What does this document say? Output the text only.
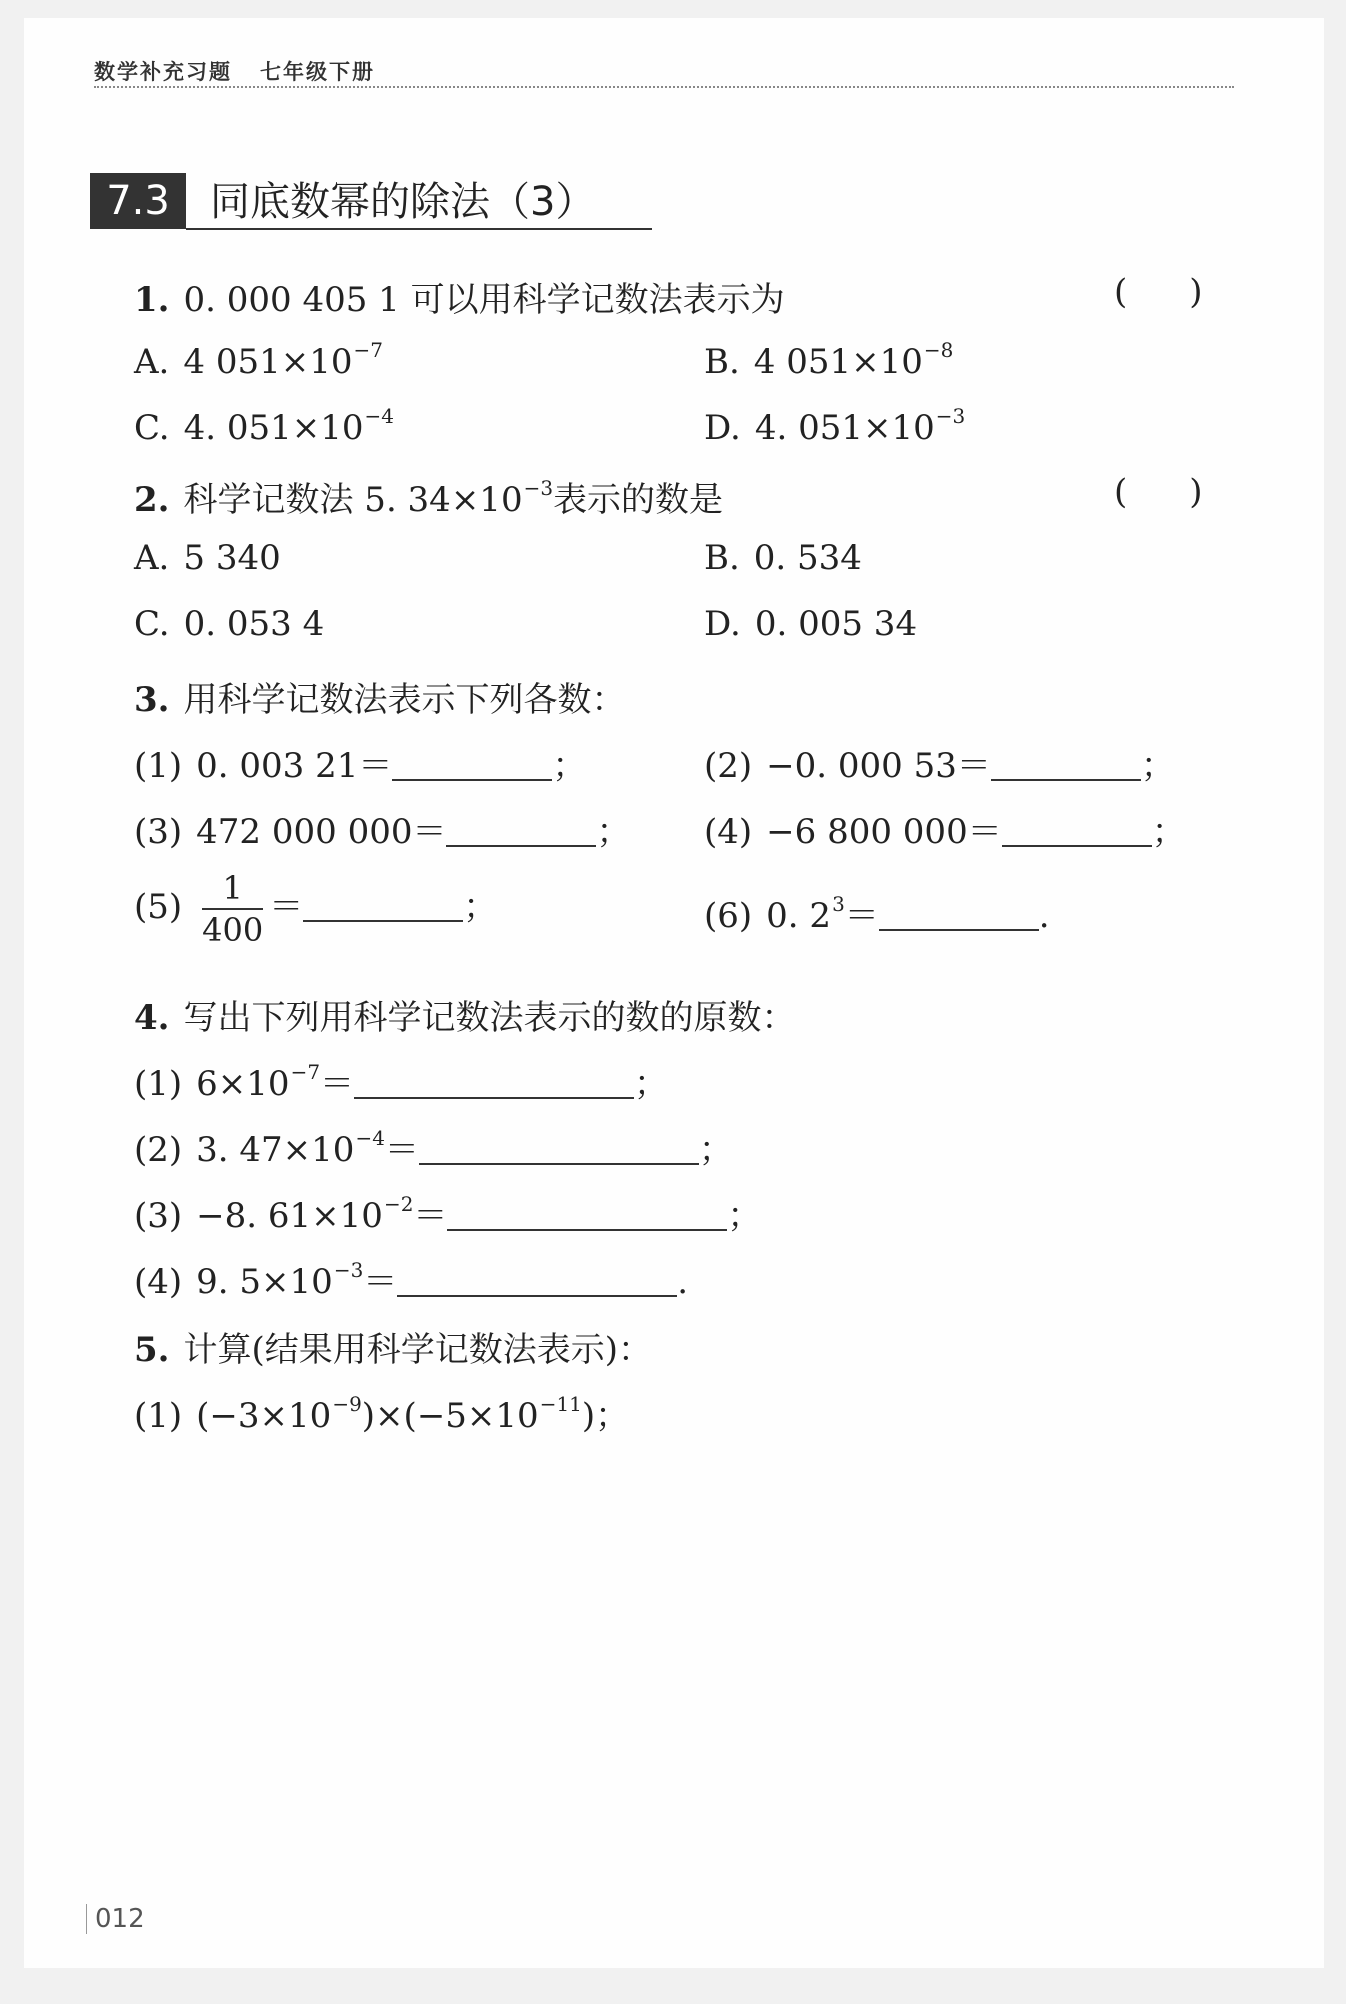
数学补充习题 七年级下册
7.3	同底数幂的除法（3）
1. 0. 000 405 1 可以用科学记数法表示为	( )
A. 4 $051\times 10^{-7}$	B. 4 $051\times 10^{-8}$
C. 4. $051\times 10^{-4}$	D. 4. $051\times 10^{-3}$
2. 科学记数法 5. $34\times 10^{-3}$表示的数是	( )
A. 5 340	B. 0. 534
C. 0. 053 4	D. 0. 005 34
3. 用科学记数法表示下列各数：
(1) 0. 003 21＝	；	(2) −0. 000 53＝	；
(3) 472 000 000＝	； (4) −6 800 000＝	；
$(5) \frac{1}{400}$ ＝	；	(6) 0. $2^3=$	.
4. 写出下列用科学记数法表示的数的原数：
(1) $6\times 10^{-7}=$	；
(2) 3. $47\times 10^{-4}=$	；
(3) −8. $61\times 10^{-2}=$	；
(4) 9. $5\times 10^{-3}=$	.
5. 计算(结果用科学记数法表示)：
(1) $(-3\times 10^{-9})\times(-5\times 10^{-11})$；
012
